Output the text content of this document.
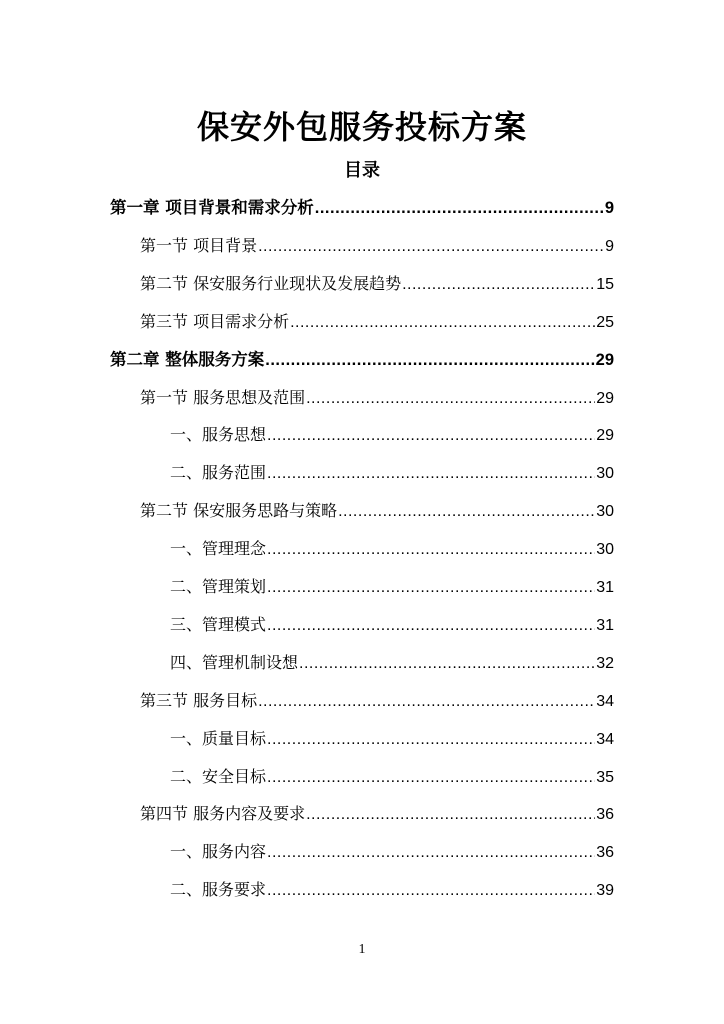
保安外包服务投标方案
目录
第一章 项目背景和需求分析 .....	9
第一节 项目背景 .....	9
第二节 保安服务行业现状及发展趋势 .....	15
第三节 项目需求分析 .....	25
第二章 整体服务方案 .....	29
第一节 服务思想及范围 .....	29
一、服务思想 .....	29
二、服务范围 .....	30
第二节 保安服务思路与策略 .....	30
一、管理理念 .....	30
二、管理策划 .....	31
三、管理模式 .....	31
四、管理机制设想 .....	32
第三节 服务目标 .....	34
一、质量目标 .....	34
二、安全目标 .....	35
第四节 服务内容及要求 .....	36
一、服务内容 .....	36
二、服务要求 .....	39
1
